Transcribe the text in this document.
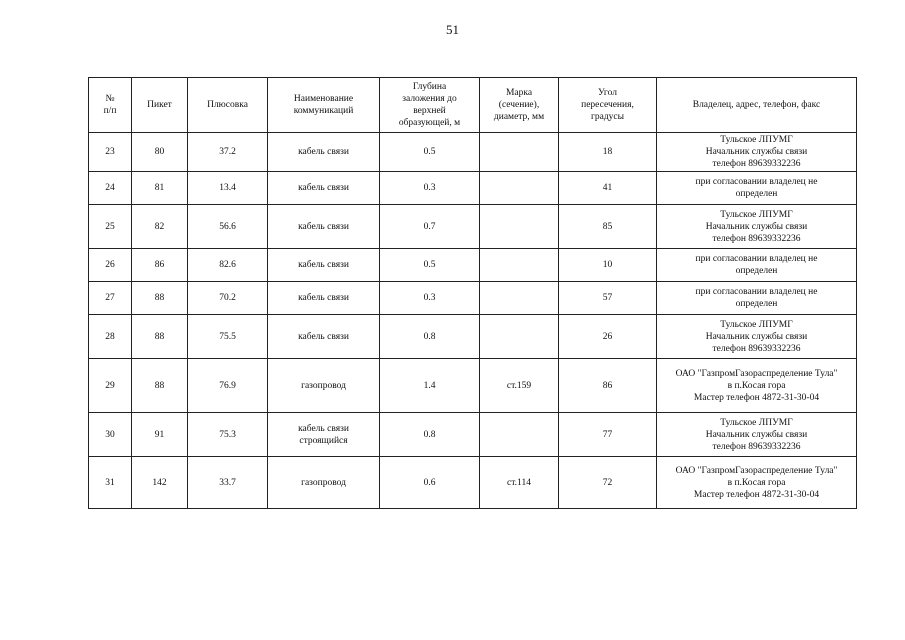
51
№
п/п	Пикет	Плюсовка	Наименование
коммуникаций	Глубина
заложения до
верхней
образующей, м	Марка
(сечение),
диаметр, мм	Угол
пересечения,
градусы	Владелец, адрес, телефон, факс
23	80	37.2	кабель связи	0.5		18	Тульское ЛПУМГ
Начальник службы связи
телефон 89639332236
24	81	13.4	кабель связи	0.3		41	при согласовании владелец не
определен
25	82	56.6	кабель связи	0.7		85	Тульское ЛПУМГ
Начальник службы связи
телефон 89639332236
26	86	82.6	кабель связи	0.5		10	при согласовании владелец не
определен
27	88	70.2	кабель связи	0.3		57	при согласовании владелец не
определен
28	88	75.5	кабель связи	0.8		26	Тульское ЛПУМГ
Начальник службы связи
телефон 89639332236
29	88	76.9	газопровод	1.4	ст.159	86	ОАО "ГазпромГазораспределение Тула"
в п.Косая гора
Мастер телефон 4872-31-30-04
30	91	75.3	кабель связи
строящийся	0.8		77	Тульское ЛПУМГ
Начальник службы связи
телефон 89639332236
31	142	33.7	газопровод	0.6	ст.114	72	ОАО "ГазпромГазораспределение Тула"
в п.Косая гора
Мастер телефон 4872-31-30-04
